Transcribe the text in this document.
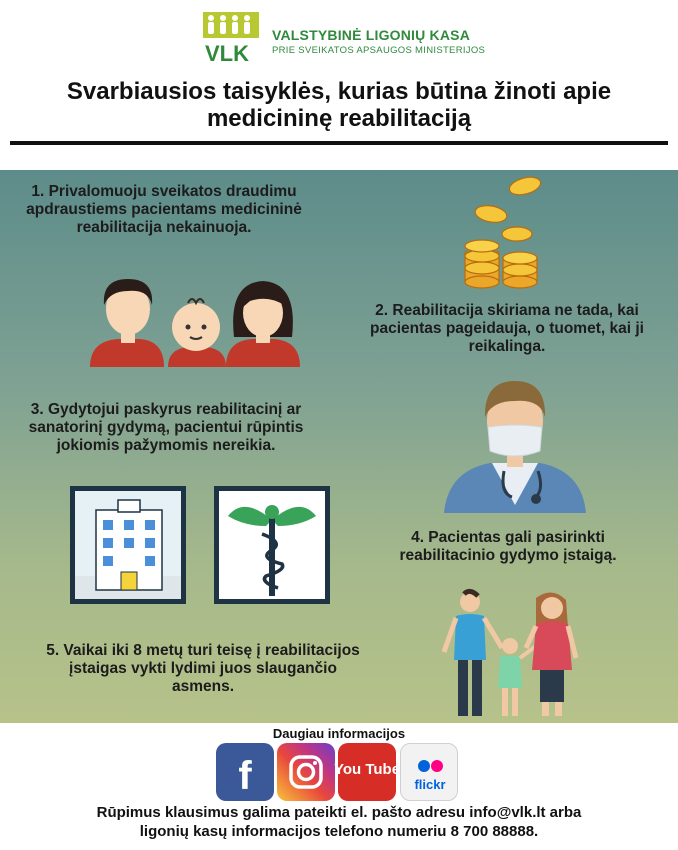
VLK
VALSTYBINĖ LIGONIŲ KASA
PRIE SVEIKATOS APSAUGOS MINISTERIJOS
Svarbiausios taisyklės, kurias būtina žinoti apie
medicininę reabilitaciją
1. Privalomuoju sveikatos draudimu apdraustiems pacientams medicininė reabilitacija nekainuoja.
2. Reabilitacija skiriama ne tada, kai pacientas pageidauja, o tuomet, kai ji reikalinga.
3. Gydytojui paskyrus reabilitacinį ar sanatorinį gydymą, pacientui rūpintis jokiomis pažymomis nereikia.
4. Pacientas gali pasirinkti reabilitacinio gydymo įstaigą.
5. Vaikai iki 8 metų turi teisę į reabilitacijos įstaigas vykti lydimi juos slaugančio asmens.
Daugiau informacijos
f	You Tube
flickr
Rūpimus klausimus galima pateikti el. pašto adresu info@vlk.lt arba
ligonių kasų informacijos telefono numeriu 8 700 88888.
